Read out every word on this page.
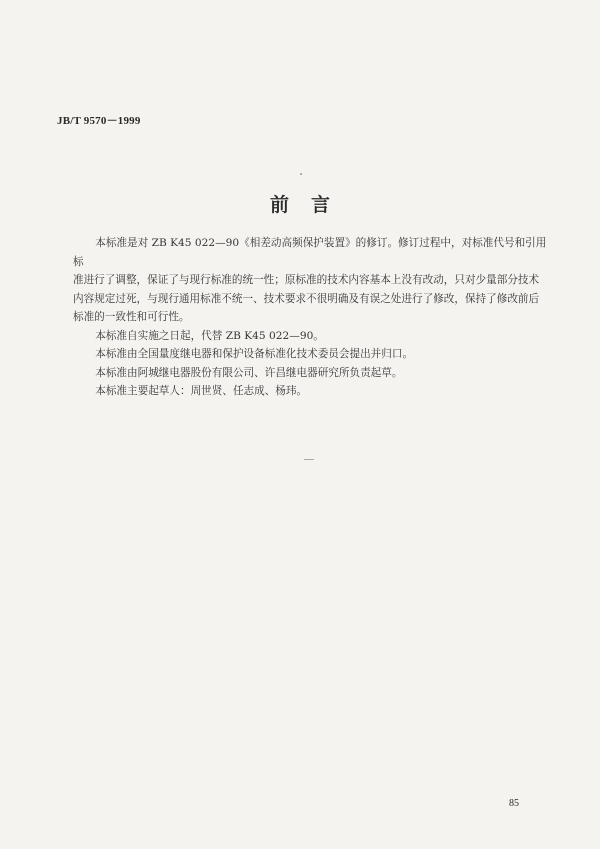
JB/T 9570－1999
前言

本标准是对 ZB K45 022—90《相差动高频保护装置》的修订。修订过程中，对标准代号和引用标
准进行了调整，保证了与现行标准的统一性；原标准的技术内容基本上没有改动，只对少量部分技术
内容规定过死，与现行通用标准不统一、技术要求不很明确及有误之处进行了修改，保持了修改前后
标准的一致性和可行性。

本标准自实施之日起，代替 ZB K45 022—90。

本标准由全国量度继电器和保护设备标准化技术委员会提出并归口。

本标准由阿城继电器股份有限公司、许昌继电器研究所负责起草。

本标准主要起草人：周世贤、任志成、杨玮。

85
